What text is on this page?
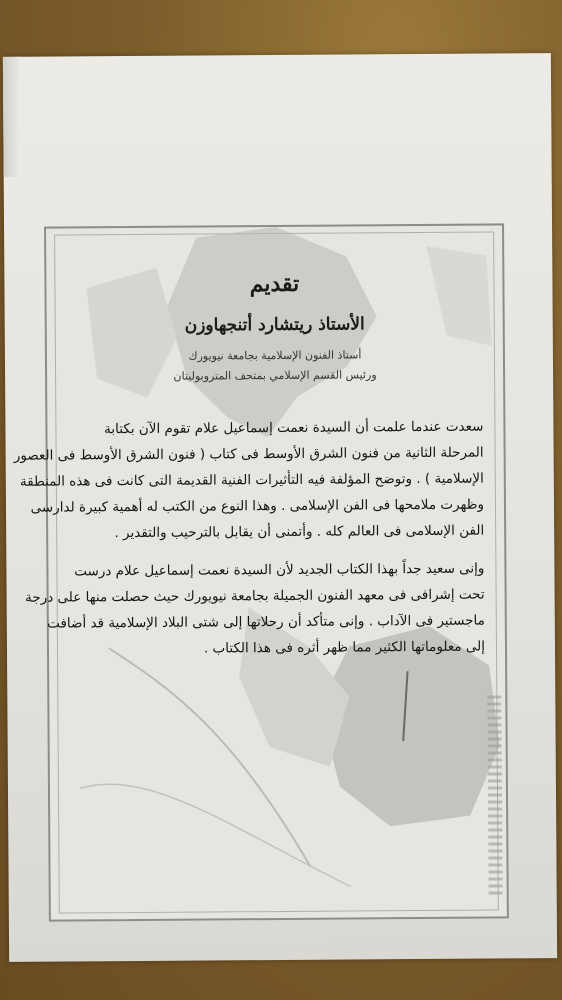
تقديم
الأستاذ ريتشارد أتنجهاوزن
أستاذ الفنون الإسلامية بجامعة نيويورك
ورئيس القسم الإسلامي بمتحف المتروبوليتان
سعدت عندما علمت أن السيدة نعمت إسماعيل علام تقوم الآن بكتابة
المرحلة الثانية من فنون الشرق الأوسط فى كتاب ( فنون الشرق الأوسط فى العصور
الإسلامية ) . وتوضح المؤلفة فيه التأثيرات الفنية القديمة التى كانت فى هذه المنطقة
وظهرت ملامحها فى الفن الإسلامى . وهذا النوع من الكتب له أهمية كبيرة لدارسى
الفن الإسلامى فى العالم كله . وأتمنى أن يقابل بالترحيب والتقدير .
وإنى سعيد جداً بهذا الكتاب الجديد لأن السيدة نعمت إسماعيل علام درست
تحت إشرافى فى معهد الفنون الجميلة بجامعة نيويورك حيث حصلت منها على درجة
ماجستير فى الآداب . وإنى متأكد أن رحلاتها إلى شتى البلاد الإسلامية قد أضافت
إلى معلوماتها الكثير مما ظهر أثره فى هذا الكتاب .
